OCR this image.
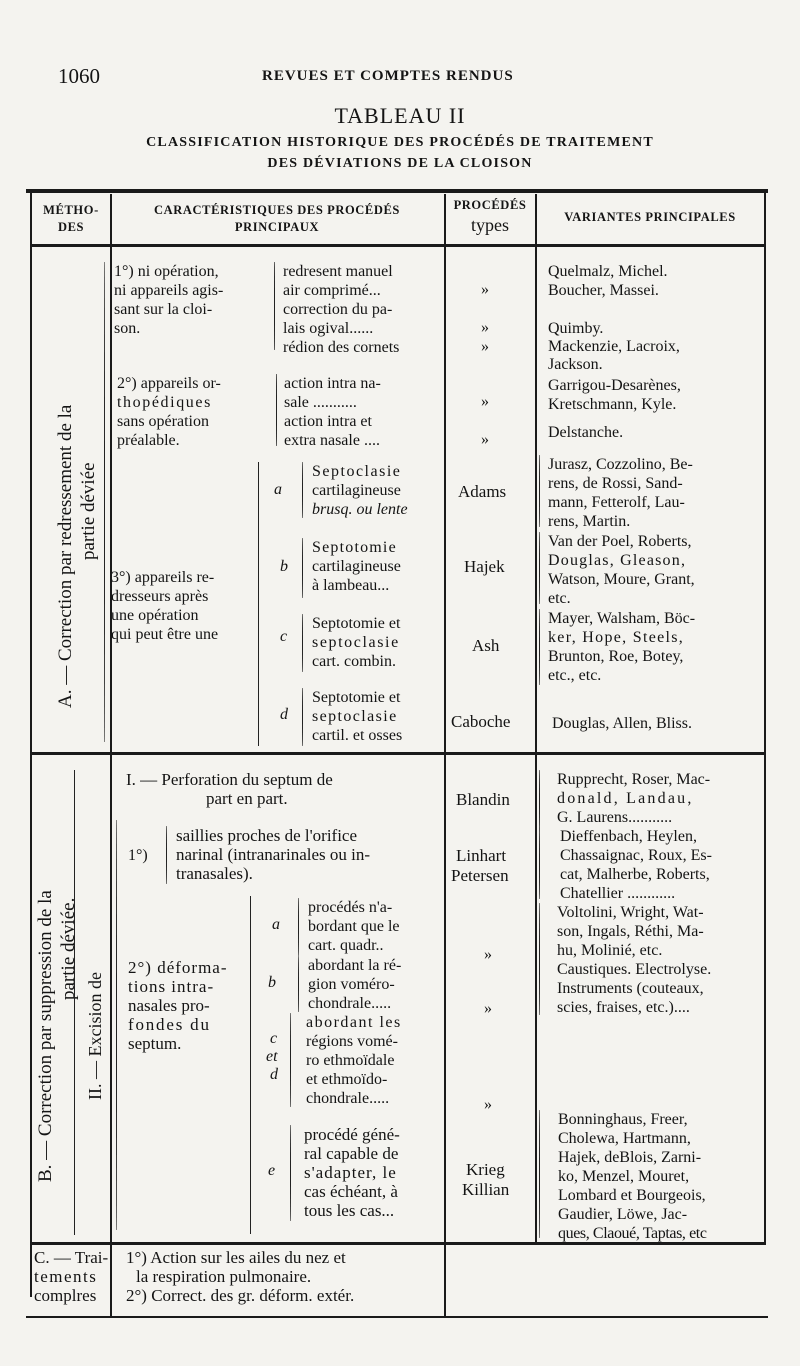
1060	REVUES ET COMPTES RENDUS
TABLEAU II
CLASSIFICATION HISTORIQUE DES PROCÉDÉS DE TRAITEMENT
DES DÉVIATIONS DE LA CLOISON
MÉTHO-
DES
CARACTÉRISTIQUES DES PROCÉDÉS
PRINCIPAUX
PROCÉDÉS
types	VARIANTES PRINCIPALES
A. — Correction par redressement de la partie déviée
1°) ni opération,
ni appareils agis-
sant sur la cloi-
son.
redresent manuel
air comprimé...
correction du pa-
lais ogival......
rédion des cornets
»
»
»
2°) appareils or-
thopédiques
sans opération
préalable.
action intra na-
sale ...........
action intra et
extra nasale ....
»
»
Quelmalz, Michel.
Boucher, Massei.
Quimby.
Mackenzie, Lacroix,
Jackson.
Garrigou-Desarènes,
Kretschmann, Kyle.
Delstanche.
3°) appareils re-
dresseurs après
une opération
qui peut être une
a
b
c
d
Septoclasie
cartilagineuse
brusq. ou lente
Septotomie
cartilagineuse
à lambeau...
Septotomie et
septoclasie
cart. combin.
Septotomie et
septoclasie
cartil. et osses
Adams
Hajek
Ash
Caboche
Jurasz, Cozzolino, Be-
rens, de Rossi, Sand-
mann, Fetterolf, Lau-
rens, Martin.
Van der Poel, Roberts,
Douglas, Gleason,
Watson, Moure, Grant,
etc.
Mayer, Walsham, Böc-
ker, Hope, Steels,
Brunton, Roe, Botey,
etc., etc.
Douglas, Allen, Bliss.
B. — Correction par suppression de la partie déviée.
II. — Excision de
I. — Perforation du septum de
part en part.
1°)
saillies proches de l'orifice
narinal (intranarinales ou in-
tranasales).
2°) déforma-
tions intra-
nasales pro-
fondes du
septum.
a
b
c
et
d
e
procédés n'a-
bordant que le
cart. quadr..
abordant la ré-
gion voméro-
chondrale.....
abordant les
régions vomé-
ro ethmoïdale
et ethmoïdo-
chondrale.....
procédé géné-
ral capable de
s'adapter, le
cas échéant, à
tous les cas...
Blandin
Linhart
Petersen
»
»
»
Krieg
Killian
Rupprecht, Roser, Mac-
donald, Landau,
G. Laurens...........
Dieffenbach, Heylen,
Chassaignac, Roux, Es-
cat, Malherbe, Roberts,
Chatellier ............
Voltolini, Wright, Wat-
son, Ingals, Réthi, Ma-
hu, Molinié, etc.
Caustiques. Electrolyse.
Instruments (couteaux,
scies, fraises, etc.)....
Bonninghaus, Freer,
Cholewa, Hartmann,
Hajek, deBlois, Zarni-
ko, Menzel, Mouret,
Lombard et Bourgeois,
Gaudier, Löwe, Jac-
ques, Claoué, Taptas, etc
C. — Trai-
tements
complres
1°) Action sur les ailes du nez et
la respiration pulmonaire.
2°) Correct. des gr. déform. extér.
